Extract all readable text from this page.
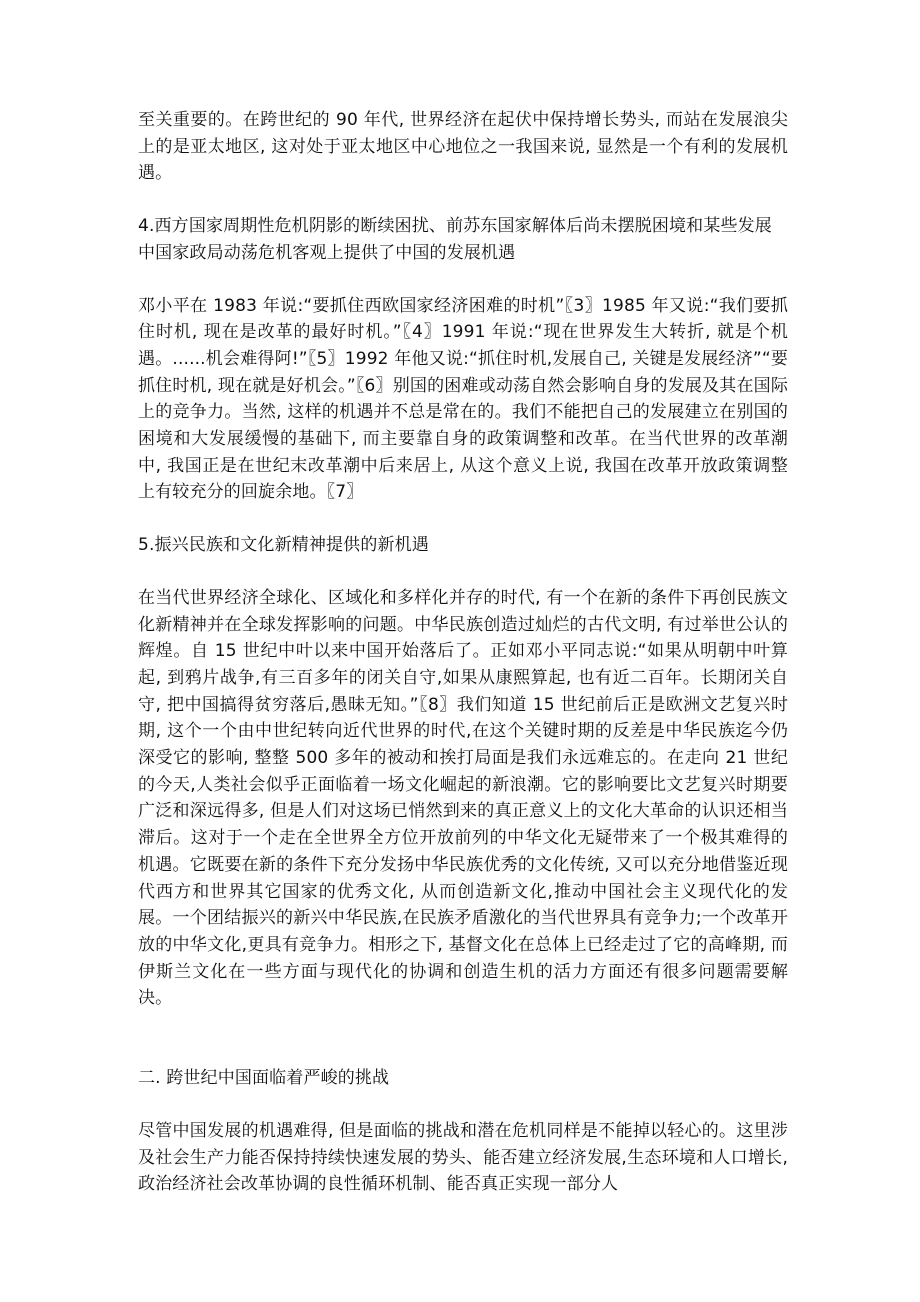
至关重要的。在跨世纪的 90 年代, 世界经济在起伏中保持增长势头, 而站在发展浪尖上的是亚太地区, 这对处于亚太地区中心地位之一我国来说, 显然是一个有利的发展机遇。

4.西方国家周期性危机阴影的断续困扰、前苏东国家解体后尚未摆脱困境和某些发展中国家政局动荡危机客观上提供了中国的发展机遇

邓小平在 1983 年说:“要抓住西欧国家经济困难的时机”〖3〗1985 年又说:“我们要抓住时机, 现在是改革的最好时机。”〖4〗1991 年说:“现在世界发生大转折, 就是个机遇。......机会难得阿!”〖5〗1992 年他又说:“抓住时机,发展自己, 关键是发展经济”“要抓住时机, 现在就是好机会。”〖6〗别国的困难或动荡自然会影响自身的发展及其在国际上的竞争力。当然, 这样的机遇并不总是常在的。我们不能把自己的发展建立在别国的困境和大发展缓慢的基础下, 而主要靠自身的政策调整和改革。在当代世界的改革潮中, 我国正是在世纪末改革潮中后来居上, 从这个意义上说, 我国在改革开放政策调整上有较充分的回旋余地。〖7〗

5.振兴民族和文化新精神提供的新机遇

在当代世界经济全球化、区域化和多样化并存的时代, 有一个在新的条件下再创民族文化新精神并在全球发挥影响的问题。中华民族创造过灿烂的古代文明, 有过举世公认的辉煌。自 15 世纪中叶以来中国开始落后了。正如邓小平同志说:“如果从明朝中叶算起, 到鸦片战争,有三百多年的闭关自守,如果从康熙算起, 也有近二百年。长期闭关自守, 把中国搞得贫穷落后,愚昧无知。”〖8〗我们知道 15 世纪前后正是欧洲文艺复兴时期, 这个一个由中世纪转向近代世界的时代,在这个关键时期的反差是中华民族迄今仍深受它的影响, 整整 500 多年的被动和挨打局面是我们永远难忘的。在走向 21 世纪的今天,人类社会似乎正面临着一场文化崛起的新浪潮。它的影响要比文艺复兴时期要广泛和深远得多, 但是人们对这场已悄然到来的真正意义上的文化大革命的认识还相当滞后。这对于一个走在全世界全方位开放前列的中华文化无疑带来了一个极其难得的机遇。它既要在新的条件下充分发扬中华民族优秀的文化传统, 又可以充分地借鉴近现代西方和世界其它国家的优秀文化, 从而创造新文化,推动中国社会主义现代化的发展。一个团结振兴的新兴中华民族,在民族矛盾激化的当代世界具有竞争力;一个改革开放的中华文化,更具有竞争力。相形之下, 基督文化在总体上已经走过了它的高峰期, 而伊斯兰文化在一些方面与现代化的协调和创造生机的活力方面还有很多问题需要解决。

二. 跨世纪中国面临着严峻的挑战

尽管中国发展的机遇难得, 但是面临的挑战和潜在危机同样是不能掉以轻心的。这里涉及社会生产力能否保持持续快速发展的势头、能否建立经济发展,生态环境和人口增长,政治经济社会改革协调的良性循环机制、能否真正实现一部分人
